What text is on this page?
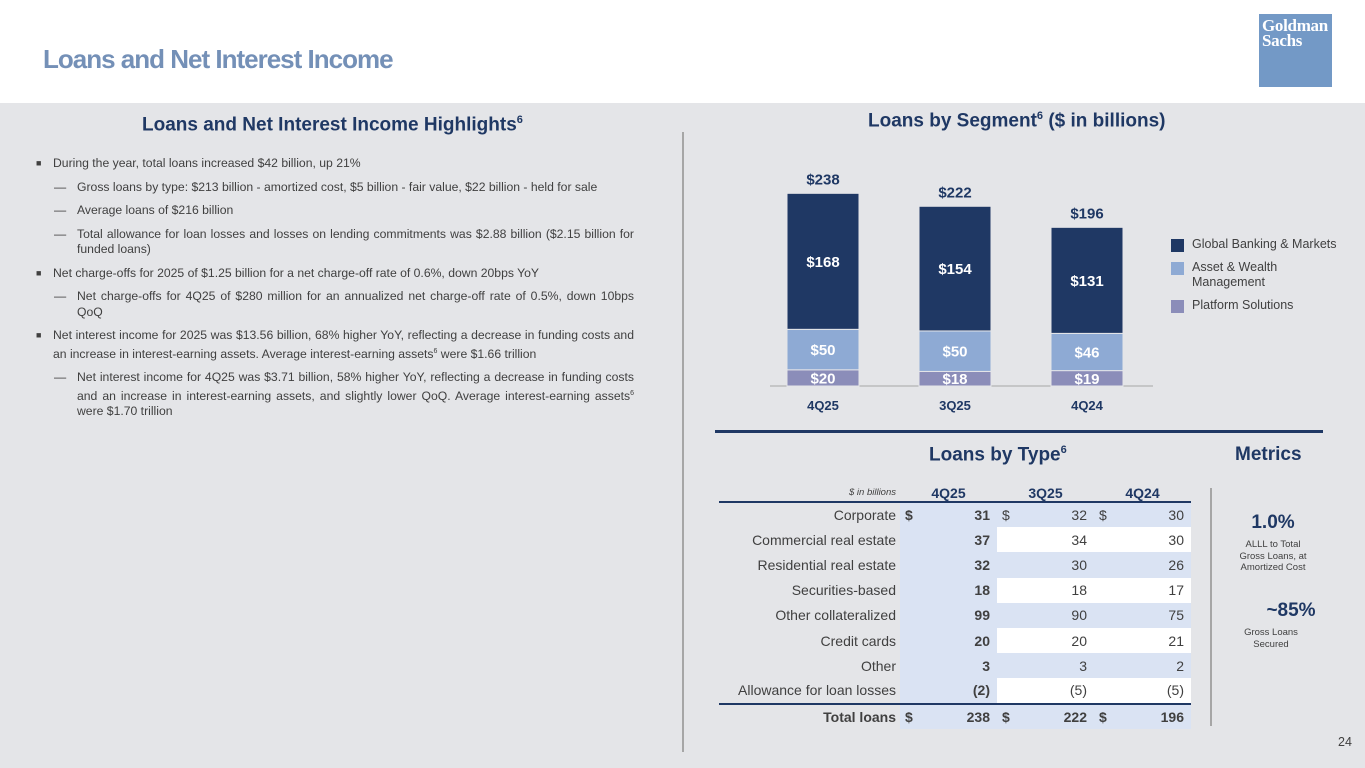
Loans and Net Interest Income
Goldman
Sachs
Loans and Net Interest Income Highlights$^6$
■ During the year, total loans increased $42 billion, up 21%
— Gross loans by type: $213 billion - amortized cost, $5 billion - fair value, $22 billion - held for sale
— Average loans of $216 billion
— Total allowance for loan losses and losses on lending commitments was $2.88 billion ($2.15 billion for funded loans)
■ Net charge-offs for 2025 of $1.25 billion for a net charge-off rate of 0.6%, down 20bps YoY
— Net charge-offs for 4Q25 of $280 million for an annualized net charge-off rate of 0.5%, down 10bps QoQ
■ Net interest income for 2025 was $13.56 billion, 68% higher YoY, reflecting a decrease in funding costs and an increase in interest-earning assets. Average interest-earning assets$^6$ were $1.66 trillion
— Net interest income for 4Q25 was $3.71 billion, 58% higher YoY, reflecting a decrease in funding costs and an increase in interest-earning assets, and slightly lower QoQ. Average interest-earning assets$^6$ were $1.70 trillion
Loans by Segment$^6$ ($ in billions)
$20
$50
$168
$238
4Q25
$18
$50
$154
$222
3Q25
$19
$46
$131
$196
4Q24
Global Banking & Markets
Asset & Wealth Management
Platform Solutions
Loans by Type$^6$	Metrics
$ in billions	4Q25		3Q25		4Q24	
Corporate	$	31	$	32	$	30
Commercial real estate		37		34		30
Residential real estate		32		30		26
Securities-based		18		18		17
Other collateralized		99		90		75
Credit cards		20		20		21
Other		3		3		2
Allowance for loan losses		(2)		(5)		(5)
Total loans	$	238	$	222	$	196
1.0%
ALLL to Total
Gross Loans, at
Amortized Cost
~85%
Gross Loans
Secured
24
